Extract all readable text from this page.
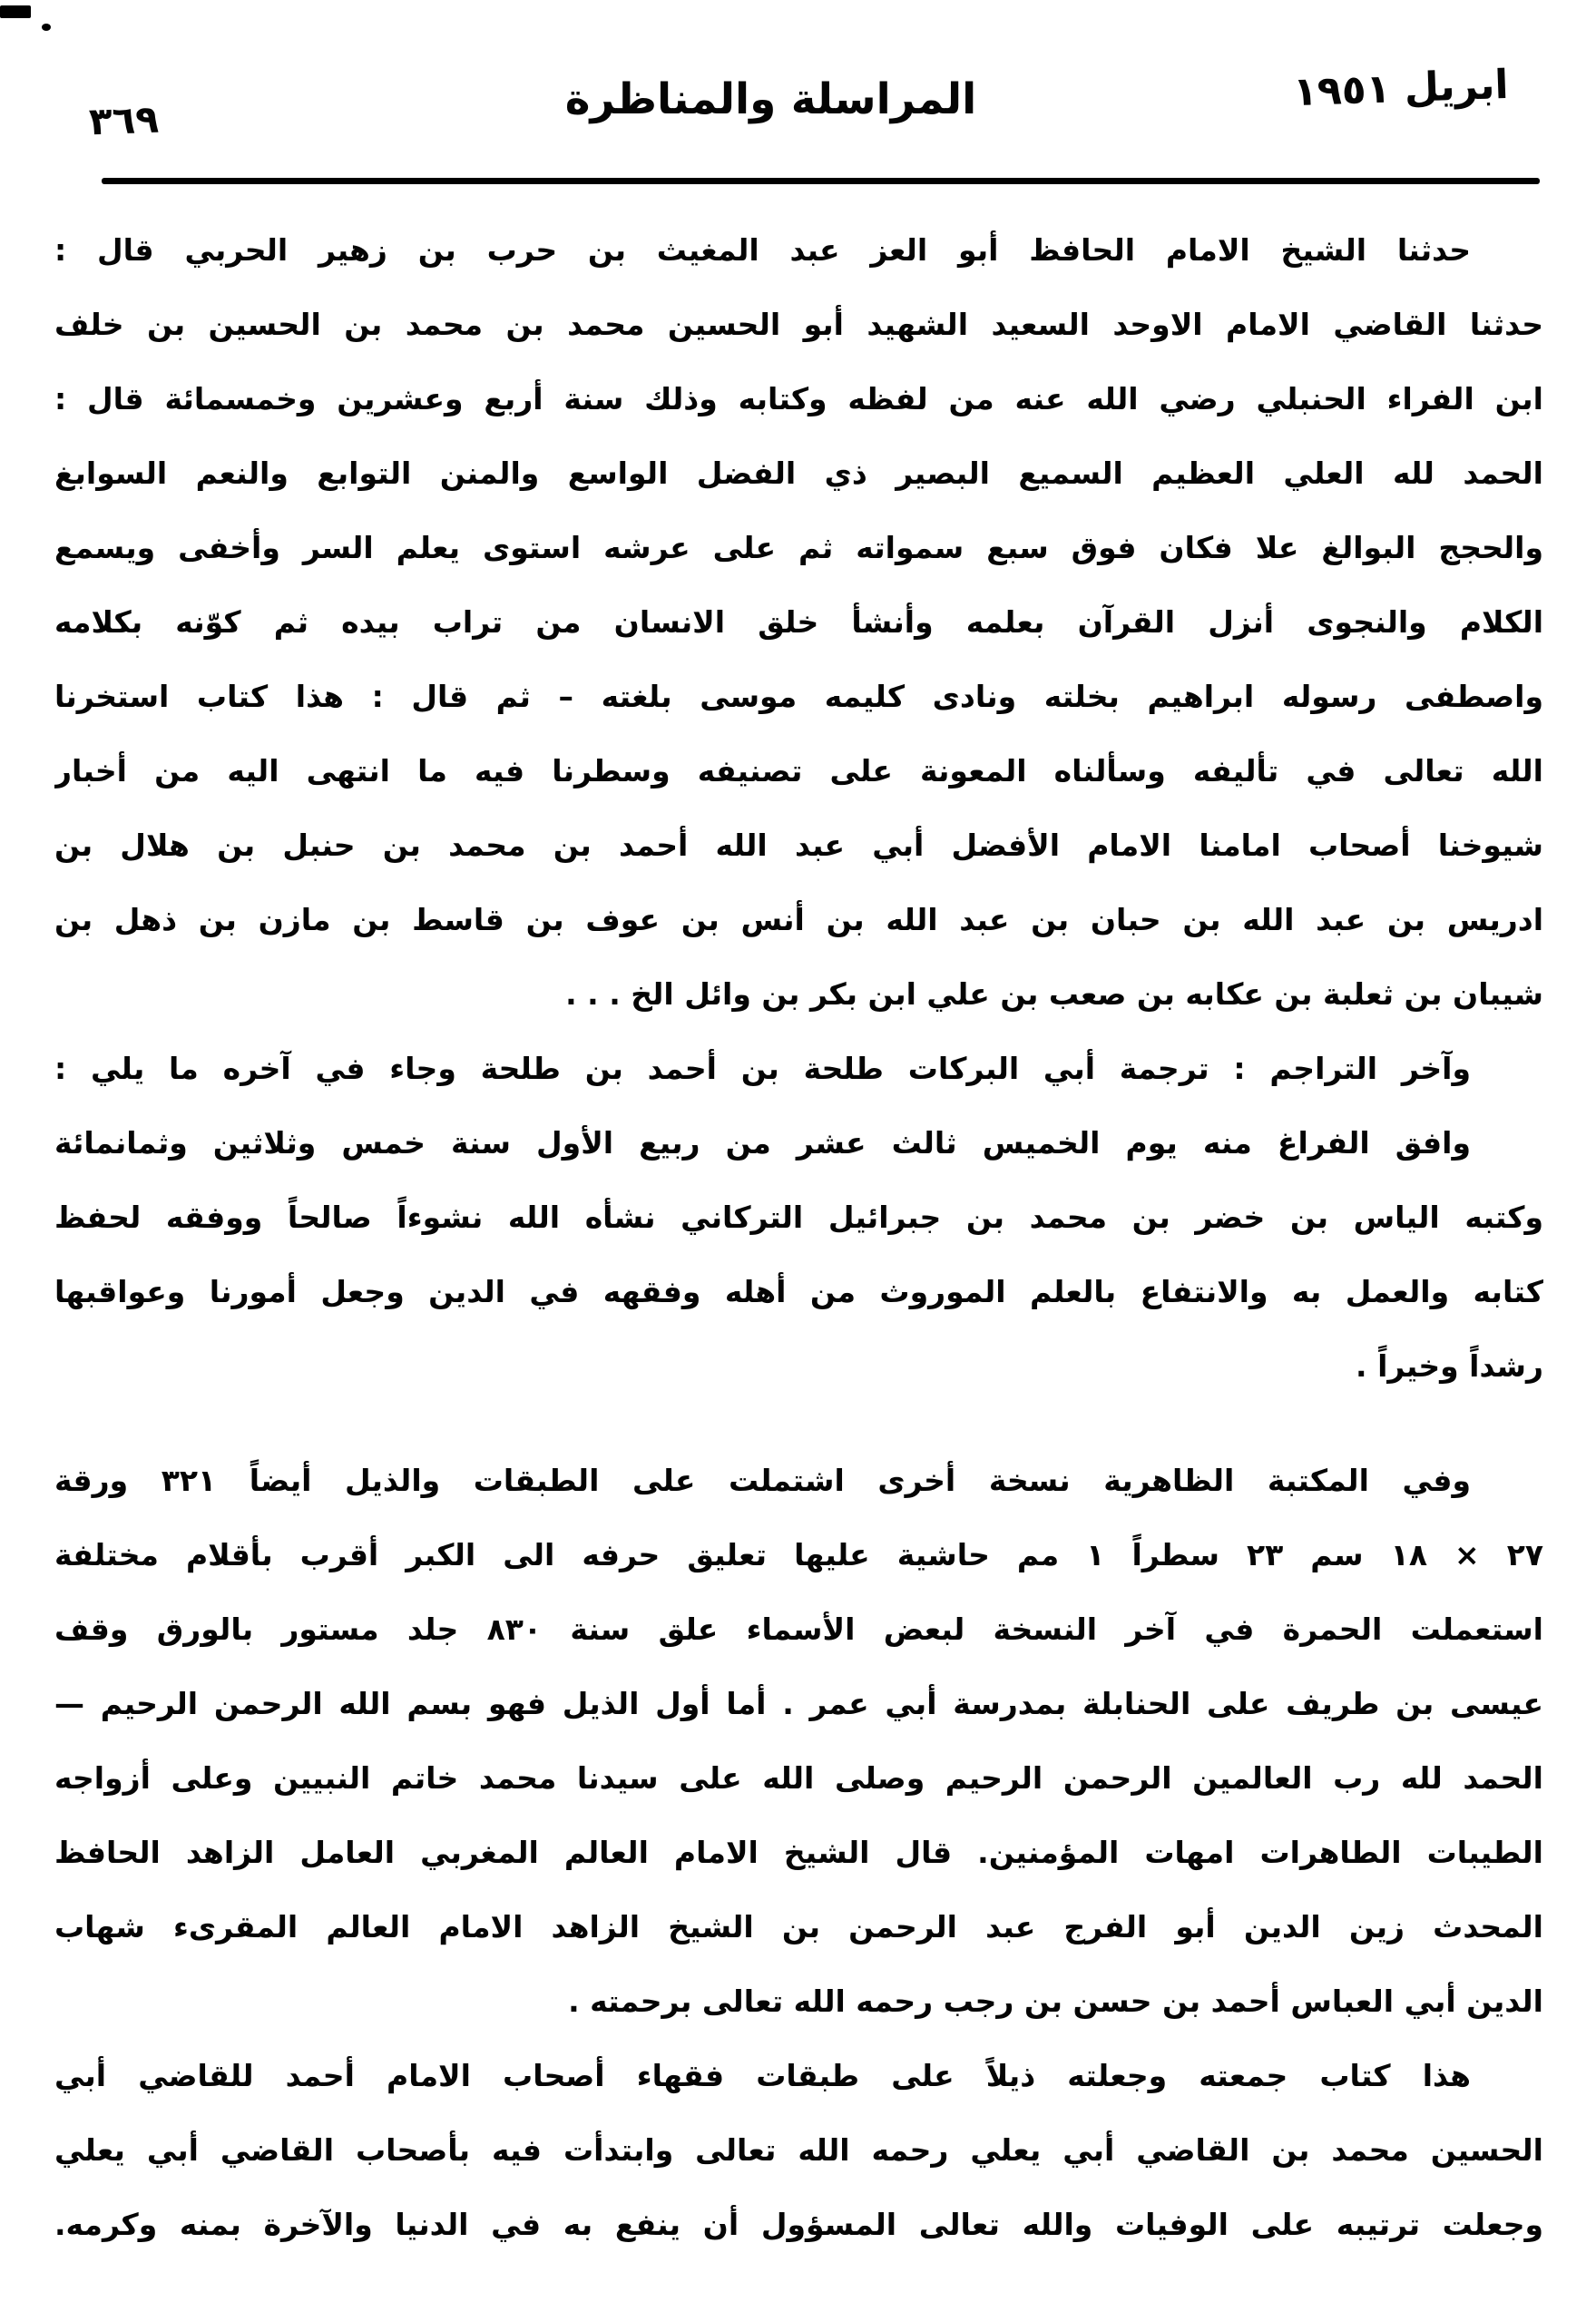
٣٦٩	المراسلة والمناظرة	ابريل ١٩٥١
حدثنا الشيخ الامام الحافظ أبو العز عبد المغيث بن حرب بن زهير الحربي قال :
حدثنا القاضي الامام الاوحد السعيد الشهيد أبو الحسين محمد بن محمد بن الحسين بن خلف
ابن الفراء الحنبلي رضي الله عنه من لفظه وكتابه وذلك سنة أربع وعشرين وخمسمائة قال :
الحمد لله العلي العظيم السميع البصير ذي الفضل الواسع والمنن التوابع والنعم السوابغ
والحجج البوالغ علا فكان فوق سبع سمواته ثم على عرشه استوى يعلم السر وأخفى ويسمع
الكلام والنجوى أنزل القرآن بعلمه وأنشأ خلق الانسان من تراب بيده ثم كوّنه بكلامه
واصطفى رسوله ابراهيم بخلته ونادى كليمه موسى بلغته – ثم قال : هذا كتاب استخرنا
الله تعالى في تأليفه وسألناه المعونة على تصنيفه وسطرنا فيه ما انتهى اليه من أخبار
شيوخنا أصحاب امامنا الامام الأفضل أبي عبد الله أحمد بن محمد بن حنبل بن هلال بن
ادريس بن عبد الله بن حبان بن عبد الله بن أنس بن عوف بن قاسط بن مازن بن ذهل بن
شيبان بن ثعلبة بن عكابه بن صعب بن علي ابن بكر بن وائل الخ . . .
وآخر التراجم : ترجمة أبي البركات طلحة بن أحمد بن طلحة وجاء في آخره ما يلي :
وافق الفراغ منه يوم الخميس ثالث عشر من ربيع الأول سنة خمس وثلاثين وثمانمائة
وكتبه الياس بن خضر بن محمد بن جبرائيل التركاني نشأه الله نشوءاً صالحاً ووفقه لحفظ
كتابه والعمل به والانتفاع بالعلم الموروث من أهله وفقهه في الدين وجعل أمورنا وعواقبها
رشداً وخيراً .
وفي المكتبة الظاهرية نسخة أخرى اشتملت على الطبقات والذيل أيضاً ٣٢١ ورقة
٢٧ × ١٨ سم ٢٣ سطراً ١ مم حاشية عليها تعليق حرفه الى الكبر أقرب بأقلام مختلفة
استعملت الحمرة في آخر النسخة لبعض الأسماء علق سنة ٨٣٠ جلد مستور بالورق وقف
عيسى بن طريف على الحنابلة بمدرسة أبي عمر . أما أول الذيل فهو بسم الله الرحمن الرحيم —
الحمد لله رب العالمين الرحمن الرحيم وصلى الله على سيدنا محمد خاتم النبيين وعلى أزواجه
الطيبات الطاهرات امهات المؤمنين. قال الشيخ الامام العالم المغربي العامل الزاهد الحافظ
المحدث زين الدين أبو الفرج عبد الرحمن بن الشيخ الزاهد الامام العالم المقرىء شهاب
الدين أبي العباس أحمد بن حسن بن رجب رحمه الله تعالى برحمته .
هذا كتاب جمعته وجعلته ذيلاً على طبقات فقهاء أصحاب الامام أحمد للقاضي أبي
الحسين محمد بن القاضي أبي يعلي رحمه الله تعالى وابتدأت فيه بأصحاب القاضي أبي يعلي
وجعلت ترتيبه على الوفيات والله تعالى المسؤول أن ينفع به في الدنيا والآخرة بمنه وكرمه.
